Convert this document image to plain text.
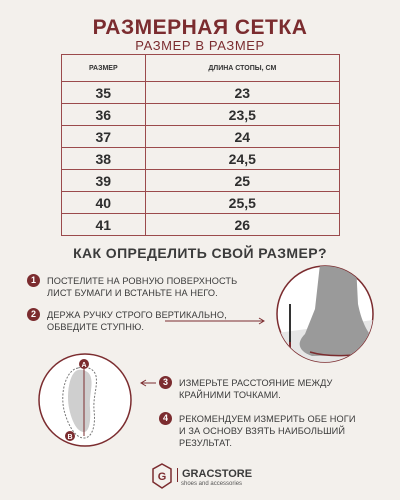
РАЗМЕРНАЯ СЕТКА
РАЗМЕР В РАЗМЕР
РАЗМЕР	ДЛИНА СТОПЫ, СМ
35	23
36	23,5
37	24
38	24,5
39	25
40	25,5
41	26
КАК ОПРЕДЕЛИТЬ СВОЙ РАЗМЕР?
1	ПОСТЕЛИТЕ НА РОВНУЮ ПОВЕРХНОСТЬ
ЛИСТ БУМАГИ И ВСТАНЬТЕ НА НЕГО.
2	ДЕРЖА РУЧКУ СТРОГО ВЕРТИКАЛЬНО,
ОБВЕДИТЕ СТУПНЮ.
A
B
3	ИЗМЕРЬТЕ РАССТОЯНИЕ МЕЖДУ
КРАЙНИМИ ТОЧКАМИ.
4	РЕКОМЕНДУЕМ ИЗМЕРИТЬ ОБЕ НОГИ
И ЗА ОСНОВУ ВЗЯТЬ НАИБОЛЬШИЙ
РЕЗУЛЬТАТ.
G GRACSTORE
shoes and accessories
